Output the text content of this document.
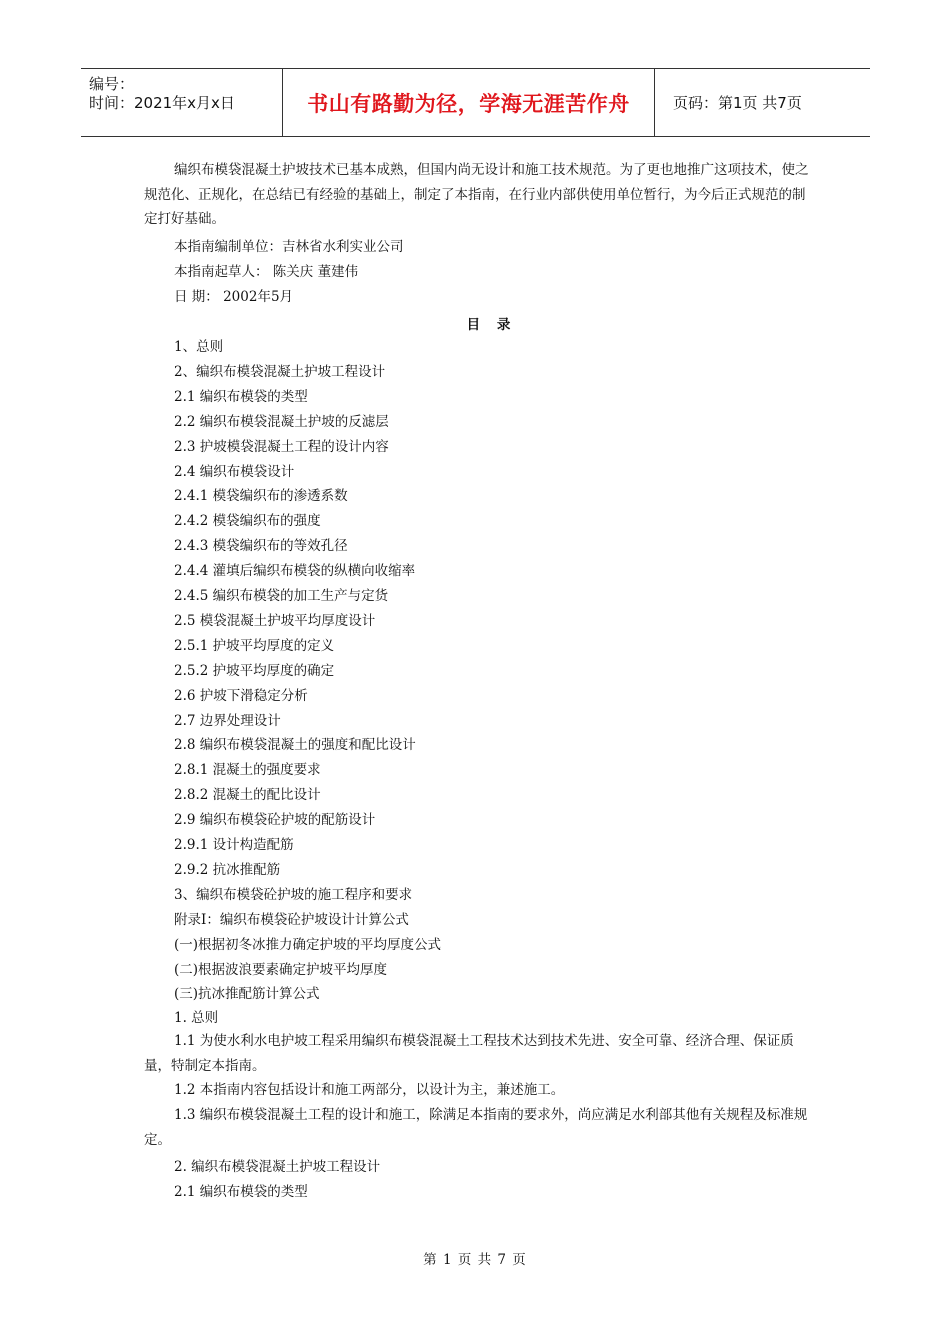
编号：
时间：2021年x月x日	书山有路勤为径，学海无涯苦作舟	页码：第1页 共7页
编织布模袋混凝土护坡技术已基本成熟，但国内尚无设计和施工技术规范。为了更也地推广这项技术，使之规范化、正规化，在总结已有经验的基础上，制定了本指南，在行业内部供使用单位暂行，为今后正式规范的制定打好基础。
本指南编制单位：吉林省水利实业公司
本指南起草人： 陈关庆 董建伟
日 期： 2002年5月
目 录
1、总则
2、编织布模袋混凝土护坡工程设计
2.1 编织布模袋的类型
2.2 编织布模袋混凝土护坡的反滤层
2.3 护坡模袋混凝土工程的设计内容
2.4 编织布模袋设计
2.4.1 模袋编织布的渗透系数
2.4.2 模袋编织布的强度
2.4.3 模袋编织布的等效孔径
2.4.4 灌填后编织布模袋的纵横向收缩率
2.4.5 编织布模袋的加工生产与定货
2.5 模袋混凝土护坡平均厚度设计
2.5.1 护坡平均厚度的定义
2.5.2 护坡平均厚度的确定
2.6 护坡下滑稳定分析
2.7 边界处理设计
2.8 编织布模袋混凝土的强度和配比设计
2.8.1 混凝土的强度要求
2.8.2 混凝土的配比设计
2.9 编织布模袋砼护坡的配筋设计
2.9.1 设计构造配筋
2.9.2 抗冰推配筋
3、编织布模袋砼护坡的施工程序和要求
附录Ⅰ：编织布模袋砼护坡设计计算公式
(一)根据初冬冰推力确定护坡的平均厚度公式
(二)根据波浪要素确定护坡平均厚度
(三)抗冰推配筋计算公式
1. 总则
1.1 为使水利水电护坡工程采用编织布模袋混凝土工程技术达到技术先进、安全可靠、经济合理、保证质量，特制定本指南。
1.2 本指南内容包括设计和施工两部分，以设计为主，兼述施工。
1.3 编织布模袋混凝土工程的设计和施工，除满足本指南的要求外，尚应满足水利部其他有关规程及标准规定。
2. 编织布模袋混凝土护坡工程设计
2.1 编织布模袋的类型
第 1 页 共 7 页
